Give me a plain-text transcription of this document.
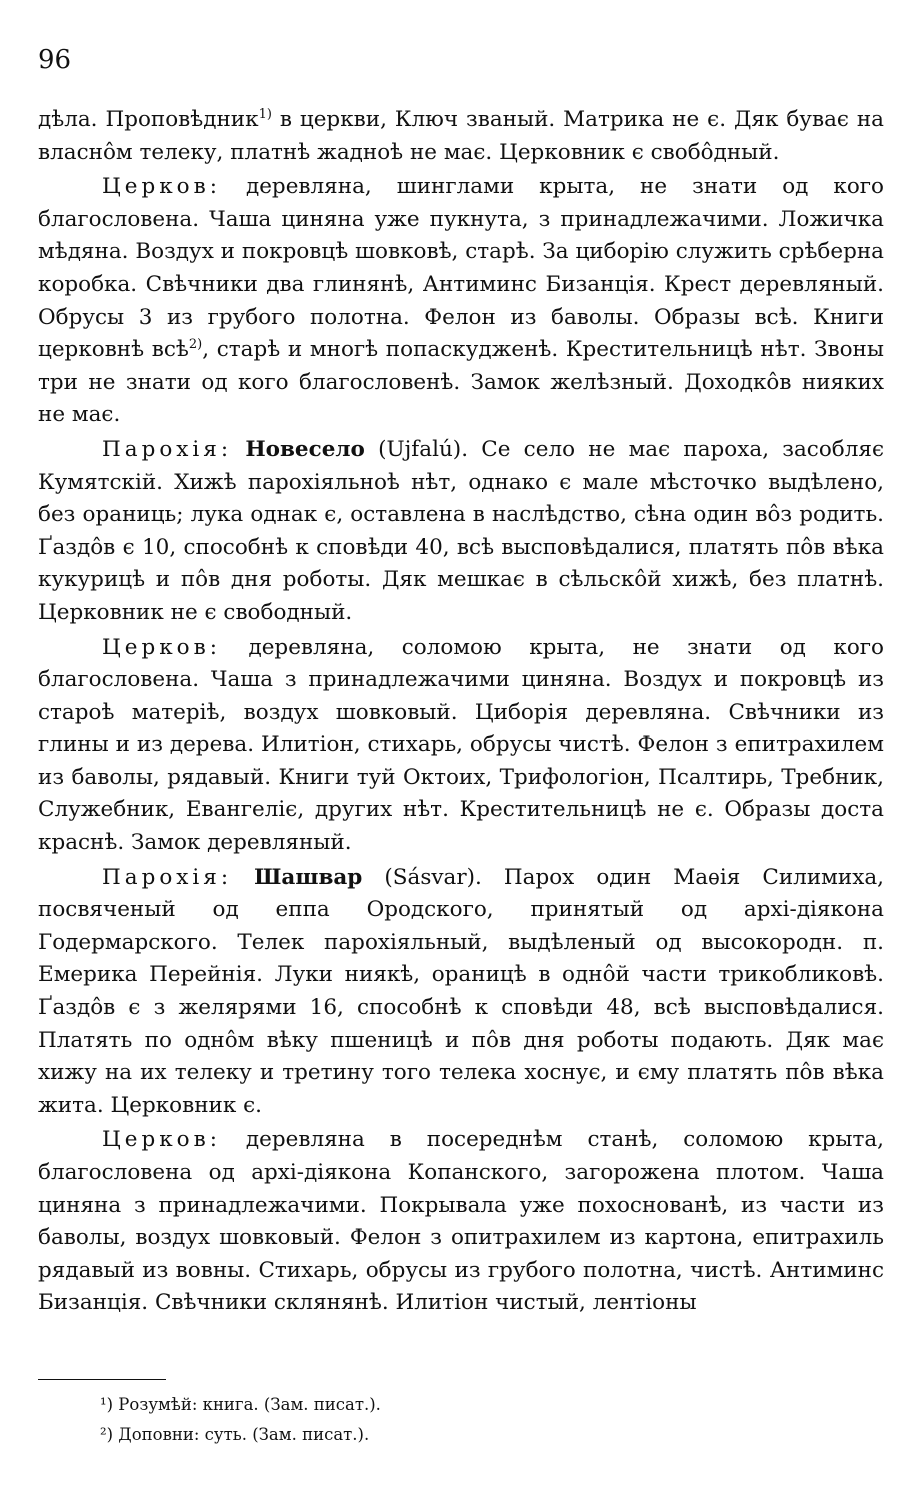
96

дѣла. Проповѣдник$^{1)}$ в церкви, Ключ званый. Матрика не є. Дяк буває на власнôм телеку, платнѣ жаднoѣ не має. Церковник є свобôдный.

Церков: деревляна, шинглами крыта, не знати од кого благословена. Чаша циняна уже пукнута, з принадлежачими. Ложичка мѣдяна. Воздух и покровцѣ шовковѣ, старѣ. За циборію служить срѣберна коробка. Свѣчники два глинянѣ, Антиминс Бизанція. Крест деревляный. Обрусы 3 из грубого полотна. Фелон из баволы. Образы всѣ. Книги церковнѣ всѣ$^{2)}$, старѣ и многѣ попаскудженѣ. Крестительницѣ нѣт. Звоны три не знати од кого благословенѣ. Замок желѣзный. Доходкôв нияких не має.

Парохія: Новесело (Ujfalú). Се село не має пароха, засобляє Кумятскій. Хижѣ парохіяльноѣ нѣт, однако є мале мѣсточко выдѣлено, без ораниць; лука однак є, оставлена в наслѣдство, сѣна один вôз родить. Ґаздôв є 10, способнѣ к сповѣди 40, всѣ высповѣдалися, платять пôв вѣка кукурицѣ и пôв дня роботы. Дяк мешкає в сѣльскôй хижѣ, без платнѣ. Церковник не є свободный.

Церков: деревляна, соломою крыта, не знати од кого благословена. Чаша з принадлежачими циняна. Воздух и покровцѣ из староѣ матеріѣ, воздух шовковый. Циборія деревляна. Свѣчники из глины и из дерева. Илитіон, стихарь, обрусы чистѣ. Фелон з епитрахилем из баволы, рядавый. Книги туй Октоих, Трифологіон, Псалтирь, Требник, Служебник, Евангеліє, других нѣт. Крестительницѣ не є. Образы доста краснѣ. Замок деревляный.

Парохія: Шашвар (Sásvar). Парох один Маѳія Силимиха, посвяченый од еппа Ородского, принятый од архі-діякона Годермарского. Телек парохіяльный, выдѣленый од высокородн. п. Емерика Перейнія. Луки ниякѣ, ораницѣ в однôй части трикобликовѣ. Ґаздôв є з желярями 16, способнѣ к сповѣди 48, всѣ высповѣдалися. Платять по однôм вѣку пшеницѣ и пôв дня роботы подають. Дяк має хижу на их телеку и третину того телека хоснує, и єму платять пôв вѣка жита. Церковник є.

Церков: деревляна в посереднѣм станѣ, соломою крыта, благословена од архі-діякона Копанского, загорожена плотом. Чаша циняна з принадлежачими. Покрывала уже похоснованѣ, из части из баволы, воздух шовковый. Фелон з опитрахилем из картона, епитрахиль рядавый из вовны. Стихарь, обрусы из грубого полотна, чистѣ. Антиминс Бизанція. Свѣчники склянянѣ. Илитіон чистый, лентіоны

¹) Розумѣй: книга. (Зам. писат.).

²) Доповни: суть. (Зам. писат.).
